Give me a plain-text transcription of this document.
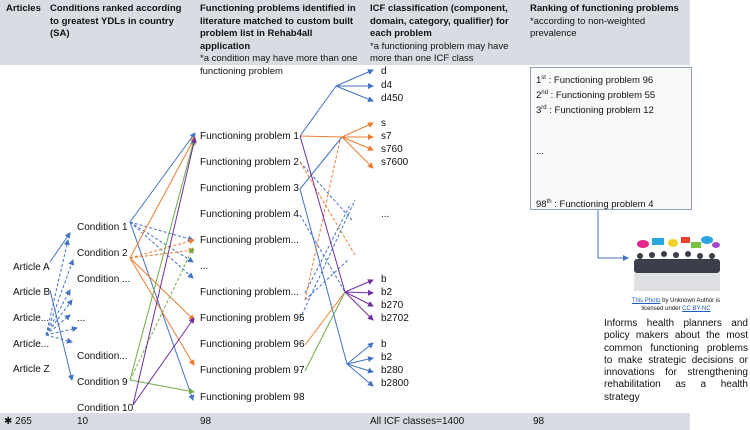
Articles Conditions ranked according to greatest YDLs in country (SA)
Functioning problems identified in literature matched to custom built problem list in Rehab4all application
*a condition may have more than one functioning problem
ICF classification (component, domain, category, qualifier) for each problem
*a functioning problem may have more than one ICF class
Ranking of functioning problems
*according to non-weighted prevalence
Article A
Article B
Article...
Article...
Article Z
Condition 1
Condition 2
Condition ...
...
Condition...
Condition 9
Condition 10
Functioning problem 1
Functioning problem 2
Functioning problem 3
Functioning problem 4
Functioning problem...
...
Functioning problem...
Functioning problem 95
Functioning problem 96
Functioning problem 97
Functioning problem 98
d
d4
d450
s
s7
s760
s7600
...
b
b2
b270
b2702
b
b2
b280
b2800
1st : Functioning problem 96
2nd : Functioning problem 55
3rd : Functioning problem 12
...
98th : Functioning problem 4
This Photo by Unknown Author is licensed under CC BY-NC
Informs health planners and policy makers about the most common functioning problems to make strategic decisions or innovations for strengthening rehabilitation as a health strategy
✱ 265	10	98	All ICF classes=1400	98
